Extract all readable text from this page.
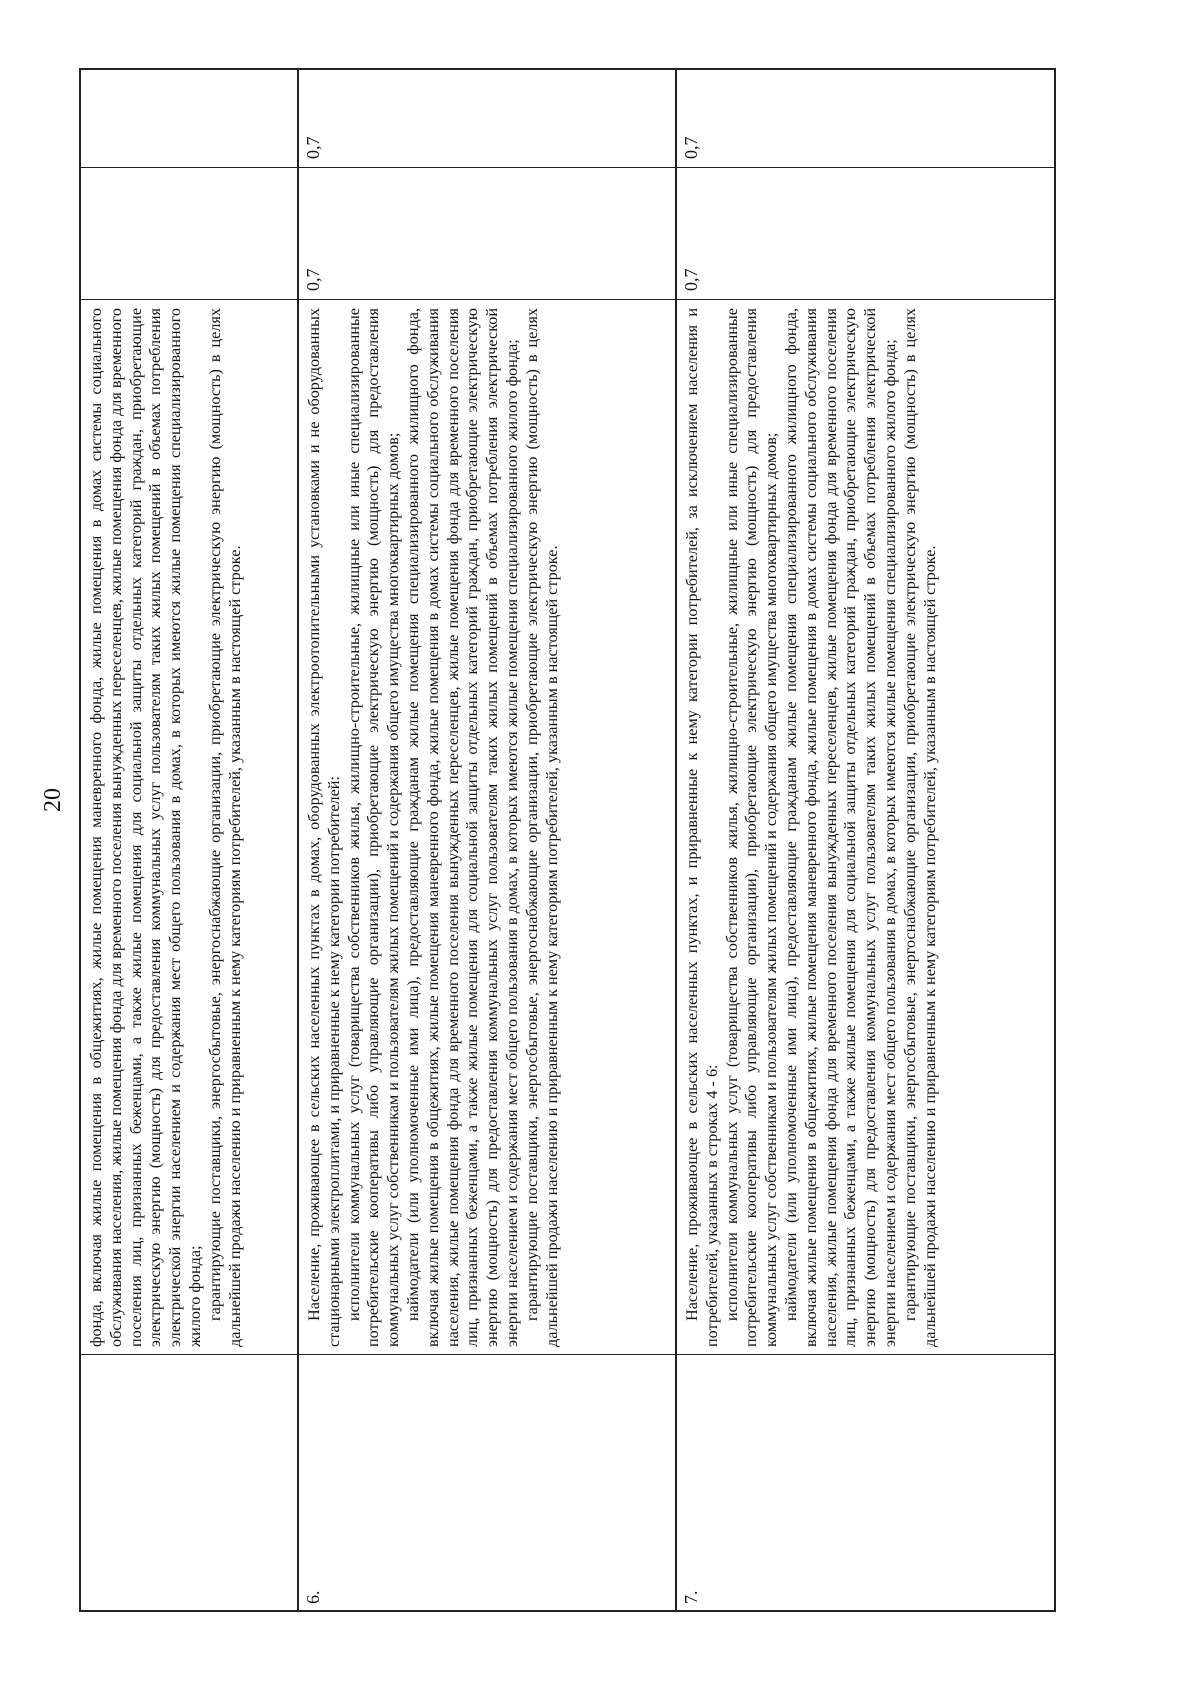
20 фонда, включая жилые помещения в общежитиях, жилые помещения маневренного фонда, жилые помещения в домах системы социального обслуживания населения, жилые помещения фонда для временного поселения вынужденных переселенцев, жилые помещения фонда для временного поселения лиц, признанных беженцами, а также жилые помещения для социальной защиты отдельных категорий граждан, приобретающие электрическую энергию (мощность) для предоставления коммунальных услуг пользователям таких жилых помещений в объемах потребления электрической энергии населением и содержания мест общего пользования в домах, в которых имеются жилые помещения специализированного жилого фонда; гарантирующие поставщики, энергосбытовые, энергоснабжающие организации, приобретающие электрическую энергию (мощность) в целях дальнейшей продажи населению и приравненным к нему категориям потребителей, указанным в настоящей строке.

6.

Население, проживающее в сельских населенных пунктах в домах, оборудованных электроотопительными установками и не оборудованных стационарными электроплитами, и приравненные к нему категории потребителей: исполнители коммунальных услуг (товарищества собственников жилья, жилищно-строительные, жилищные или иные специализированные потребительские кооперативы либо управляющие организации), приобретающие электрическую энергию (мощность) для предоставления коммунальных услуг собственникам и пользователям жилых помещений и содержания общего имущества многоквартирных домов; наймодатели (или уполномоченные ими лица), предоставляющие гражданам жилые помещения специализированного жилищного фонда, включая жилые помещения в общежитиях, жилые помещения маневренного фонда, жилые помещения в домах системы социального обслуживания населения, жилые помещения фонда для временного поселения вынужденных переселенцев, жилые помещения фонда для временного поселения лиц, признанных беженцами, а также жилые помещения для социальной защиты отдельных категорий граждан, приобретающие электрическую энергию (мощность) для предоставления коммунальных услуг пользователям таких жилых помещений в объемах потребления электрической энергии населением и содержания мест общего пользования в домах, в которых имеются жилые помещения специализированного жилого фонда; гарантирующие поставщики, энергосбытовые, энергоснабжающие организации, приобретающие электрическую энергию (мощность) в целях дальнейшей продажи населению и приравненным к нему категориям потребителей, указанным в настоящей строке.

0,7
0,7
7.

Население, проживающее в сельских населенных пунктах, и приравненные к нему категории потребителей, за исключением населения и потребителей, указанных в строках 4 - 6: исполнители коммунальных услуг (товарищества собственников жилья, жилищно-строительные, жилищные или иные специализированные потребительские кооперативы либо управляющие организации), приобретающие электрическую энергию (мощность) для предоставления коммунальных услуг собственникам и пользователям жилых помещений и содержания общего имущества многоквартирных домов; наймодатели (или уполномоченные ими лица), предоставляющие гражданам жилые помещения специализированного жилищного фонда, включая жилые помещения в общежитиях, жилые помещения маневренного фонда, жилые помещения в домах системы социального обслуживания населения, жилые помещения фонда для временного поселения вынужденных переселенцев, жилые помещения фонда для временного поселения лиц, признанных беженцами, а также жилые помещения для социальной защиты отдельных категорий граждан, приобретающие электрическую энергию (мощность) для предоставления коммунальных услуг пользователям таких жилых помещений в объемах потребления электрической энергии населением и содержания мест общего пользования в домах, в которых имеются жилые помещения специализированного жилого фонда; гарантирующие поставщики, энергосбытовые, энергоснабжающие организации, приобретающие электрическую энергию (мощность) в целях дальнейшей продажи населению и приравненным к нему категориям потребителей, указанным в настоящей строке.

0,7
0,7
